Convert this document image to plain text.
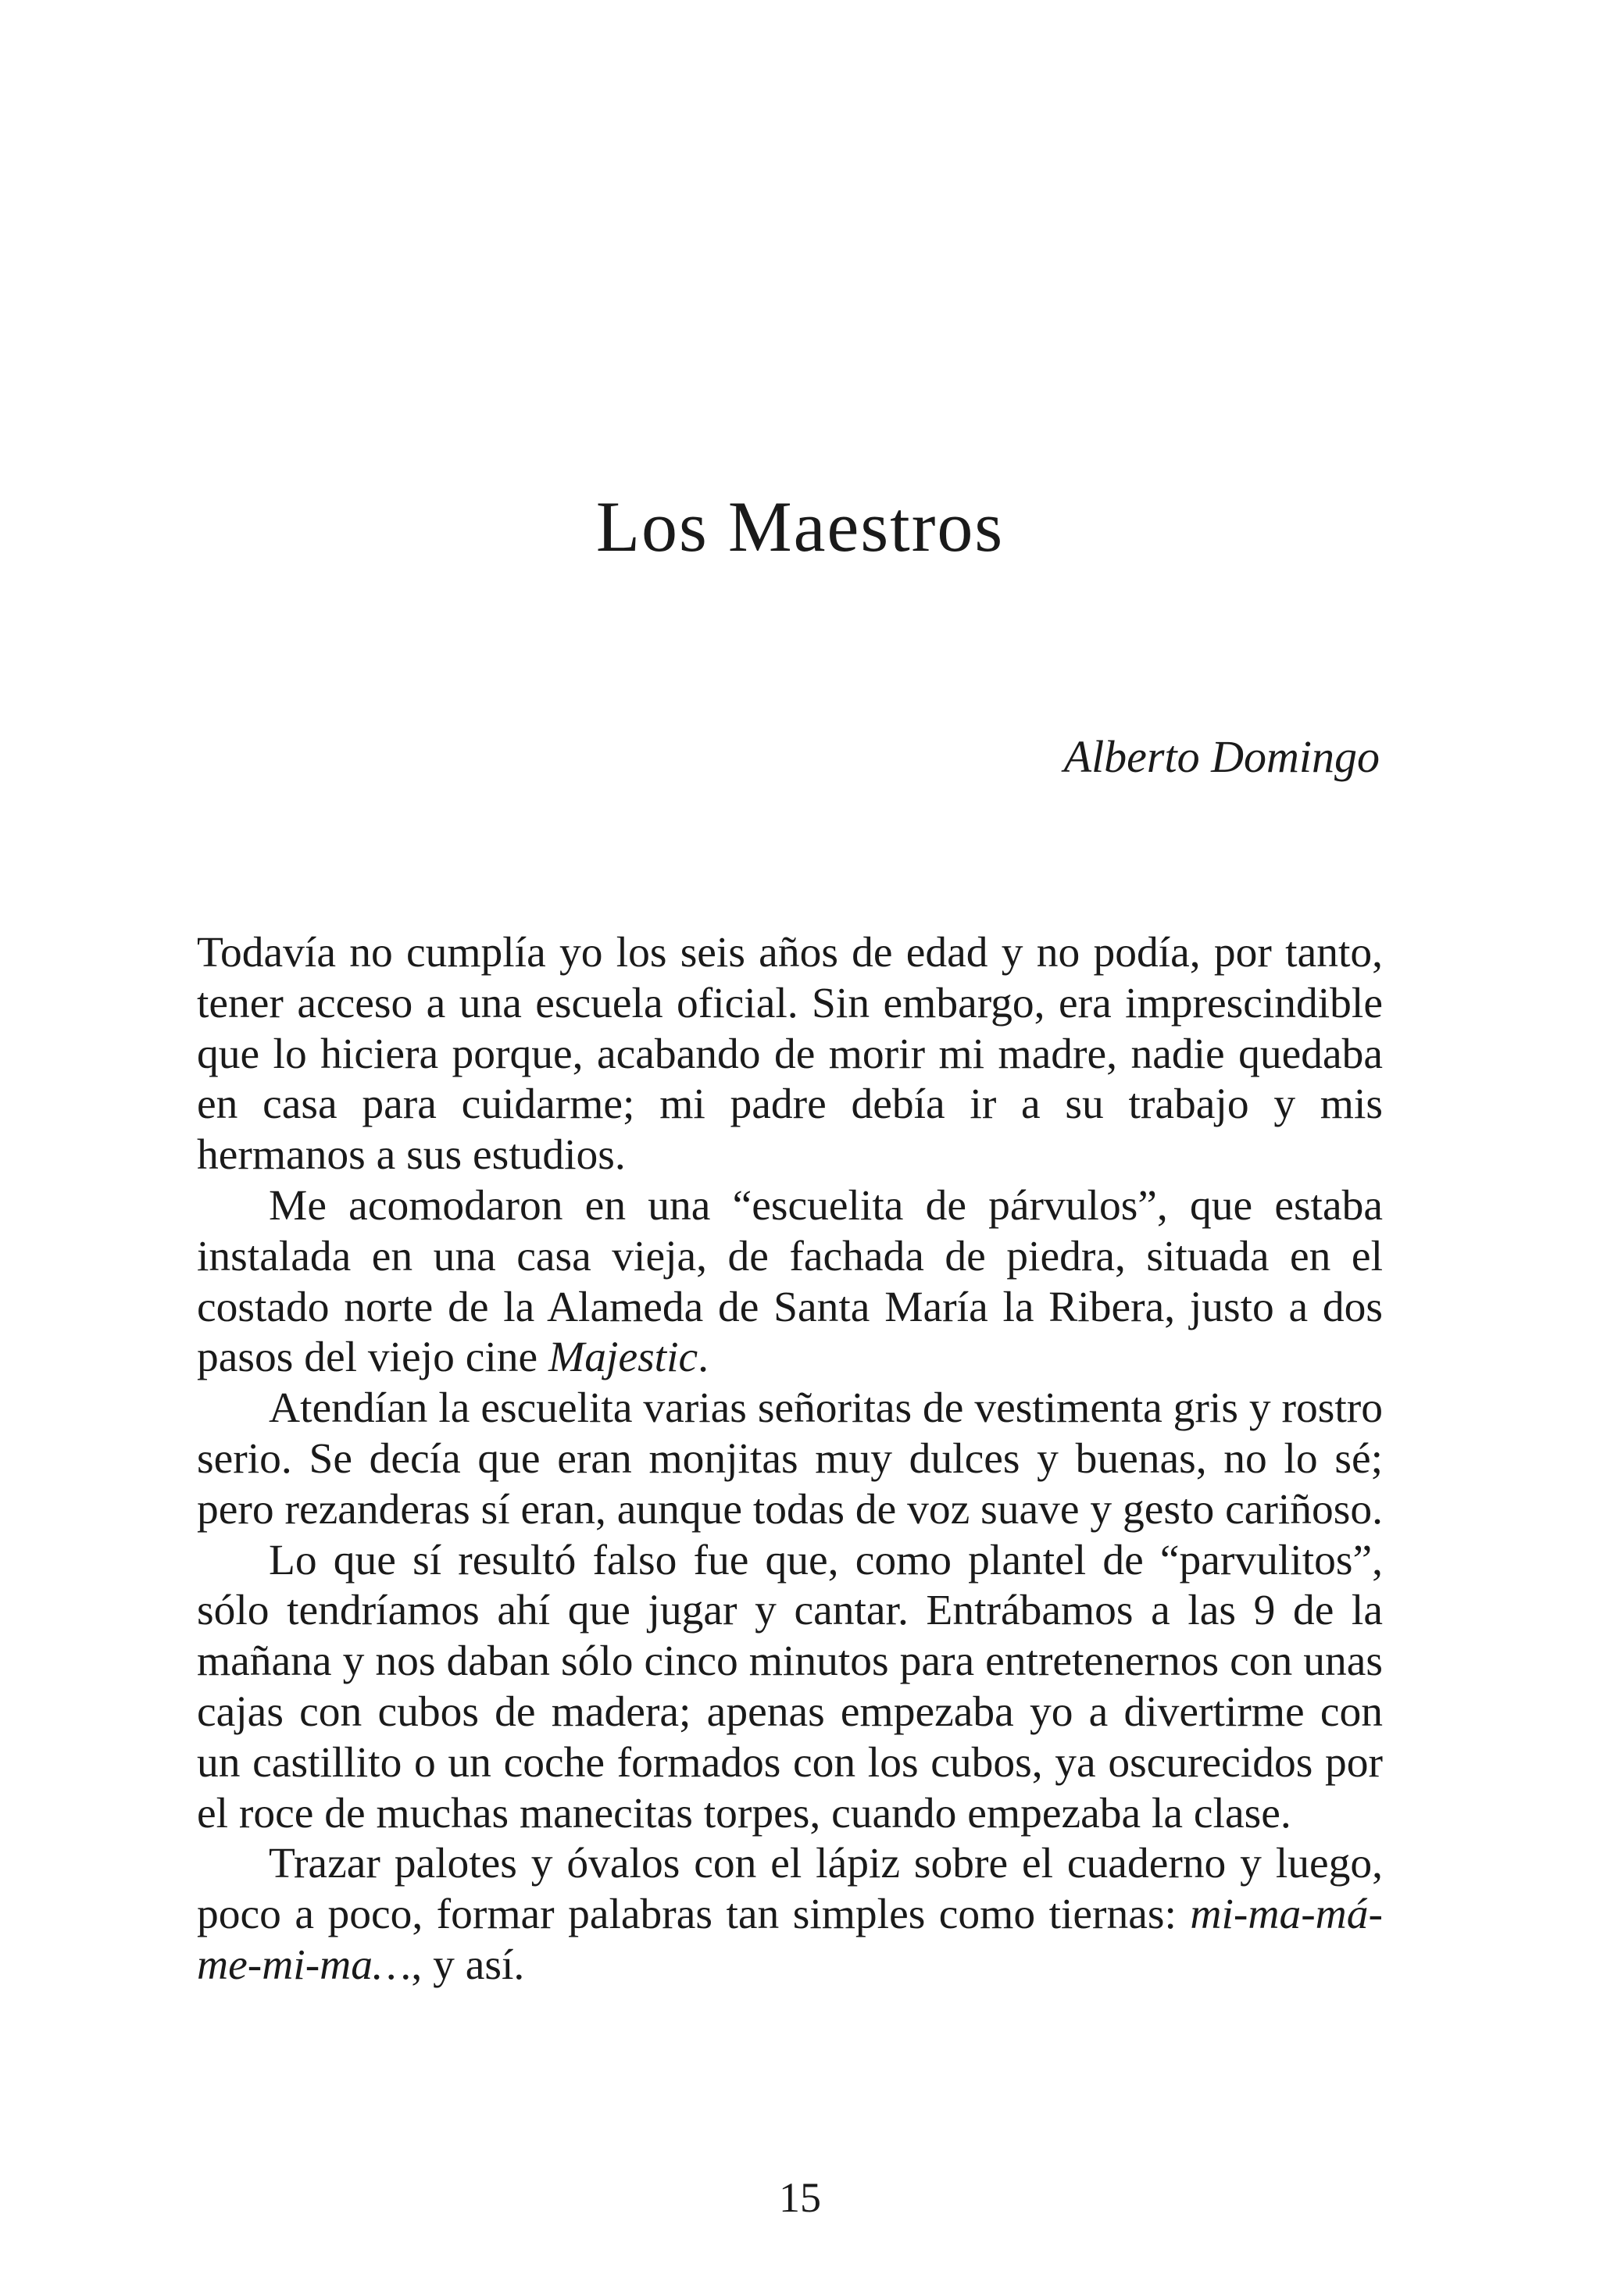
Los Maestros

Alberto Domingo

Todavía no cumplía yo los seis años de edad y no podía, por tanto, tener acceso a una escuela oficial. Sin embargo, era imprescindible que lo hiciera porque, acabando de morir mi madre, nadie quedaba en casa para cuidarme; mi padre debía ir a su trabajo y mis hermanos a sus estudios.

Me acomodaron en una “escuelita de párvulos”, que estaba instalada en una casa vieja, de fachada de piedra, situada en el costado norte de la Alameda de Santa María la Ribera, justo a dos pasos del viejo cine Majestic.

Atendían la escuelita varias señoritas de vestimenta gris y rostro serio. Se decía que eran monjitas muy dulces y buenas, no lo sé; pero rezanderas sí eran, aunque todas de voz suave y gesto cariñoso.

Lo que sí resultó falso fue que, como plantel de “parvulitos”, sólo tendríamos ahí que jugar y cantar. Entrábamos a las 9 de la mañana y nos daban sólo cinco minutos para entretenernos con unas cajas con cubos de madera; apenas empezaba yo a divertirme con un castillito o un coche formados con los cubos, ya oscurecidos por el roce de muchas manecitas torpes, cuando empezaba la clase.

Trazar palotes y óvalos con el lápiz sobre el cuaderno y luego, poco a poco, formar palabras tan simples como tiernas: mi-ma-má-me-mi-ma…, y así.

15
